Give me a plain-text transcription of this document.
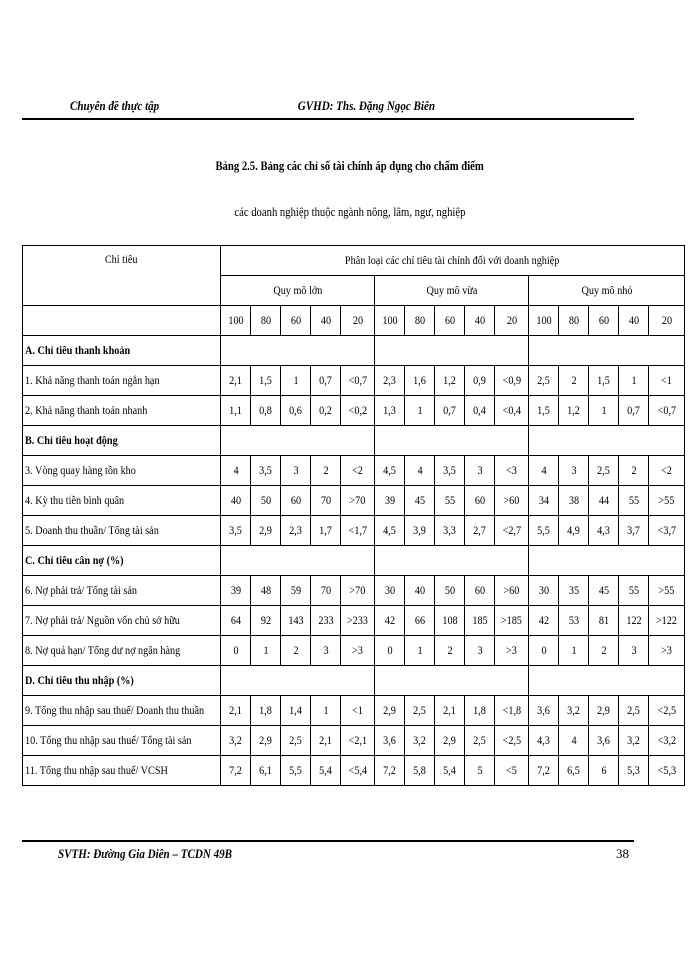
Chuyên đề thực tập	GVHD: Ths. Đặng Ngọc Biên
Bảng 2.5. Bảng các chỉ số tài chính áp dụng cho chấm điểm
các doanh nghiệp thuộc ngành nông, lâm, ngư, nghiệp
Chỉ tiêu	Phân loại các chỉ tiêu tài chính đối với doanh nghiệp														
	Quy mô lớn					Quy mô vừa					Quy mô nhỏ				
	100	80	60	40	20	100	80	60	40	20	100	80	60	40	20
A. Chỉ tiêu thanh khoản															
1. Khả năng thanh toán ngắn hạn	2,1	1,5	1	0,7	<0,7	2,3	1,6	1,2	0,9	<0,9	2,5	2	1,5	1	<1
2. Khả năng thanh toán nhanh	1,1	0,8	0,6	0,2	<0,2	1,3	1	0,7	0,4	<0,4	1,5	1,2	1	0,7	<0,7
B. Chỉ tiêu hoạt động															
3. Vòng quay hàng tồn kho	4	3,5	3	2	<2	4,5	4	3,5	3	<3	4	3	2,5	2	<2
4. Kỳ thu tiền bình quân	40	50	60	70	>70	39	45	55	60	>60	34	38	44	55	>55
5. Doanh thu thuần/ Tổng tài sản	3,5	2,9	2,3	1,7	<1,7	4,5	3,9	3,3	2,7	<2,7	5,5	4,9	4,3	3,7	<3,7
C. Chỉ tiêu cân nợ (%)															
6. Nợ phải trả/ Tổng tài sản	39	48	59	70	>70	30	40	50	60	>60	30	35	45	55	>55
7. Nợ phải trả/ Nguồn vốn chủ sở hữu	64	92	143	233	>233	42	66	108	185	>185	42	53	81	122	>122
8. Nợ quá hạn/ Tổng dư nợ ngân hàng	0	1	2	3	>3	0	1	2	3	>3	0	1	2	3	>3
D. Chỉ tiêu thu nhập (%)															
9. Tổng thu nhập sau thuế/ Doanh thu thuần	2,1	1,8	1,4	1	<1	2,9	2,5	2,1	1,8	<1,8	3,6	3,2	2,9	2,5	<2,5
10. Tổng thu nhập sau thuế/ Tổng tài sản	3,2	2,9	2,5	2,1	<2,1	3,6	3,2	2,9	2,5	<2,5	4,3	4	3,6	3,2	<3,2
11. Tổng thu nhập sau thuế/ VCSH	7,2	6,1	5,5	5,4	<5,4	7,2	5,8	5,4	5	<5	7,2	6,5	6	5,3	<5,3
SVTH: Đường Gia Diên – TCDN 49B	38
